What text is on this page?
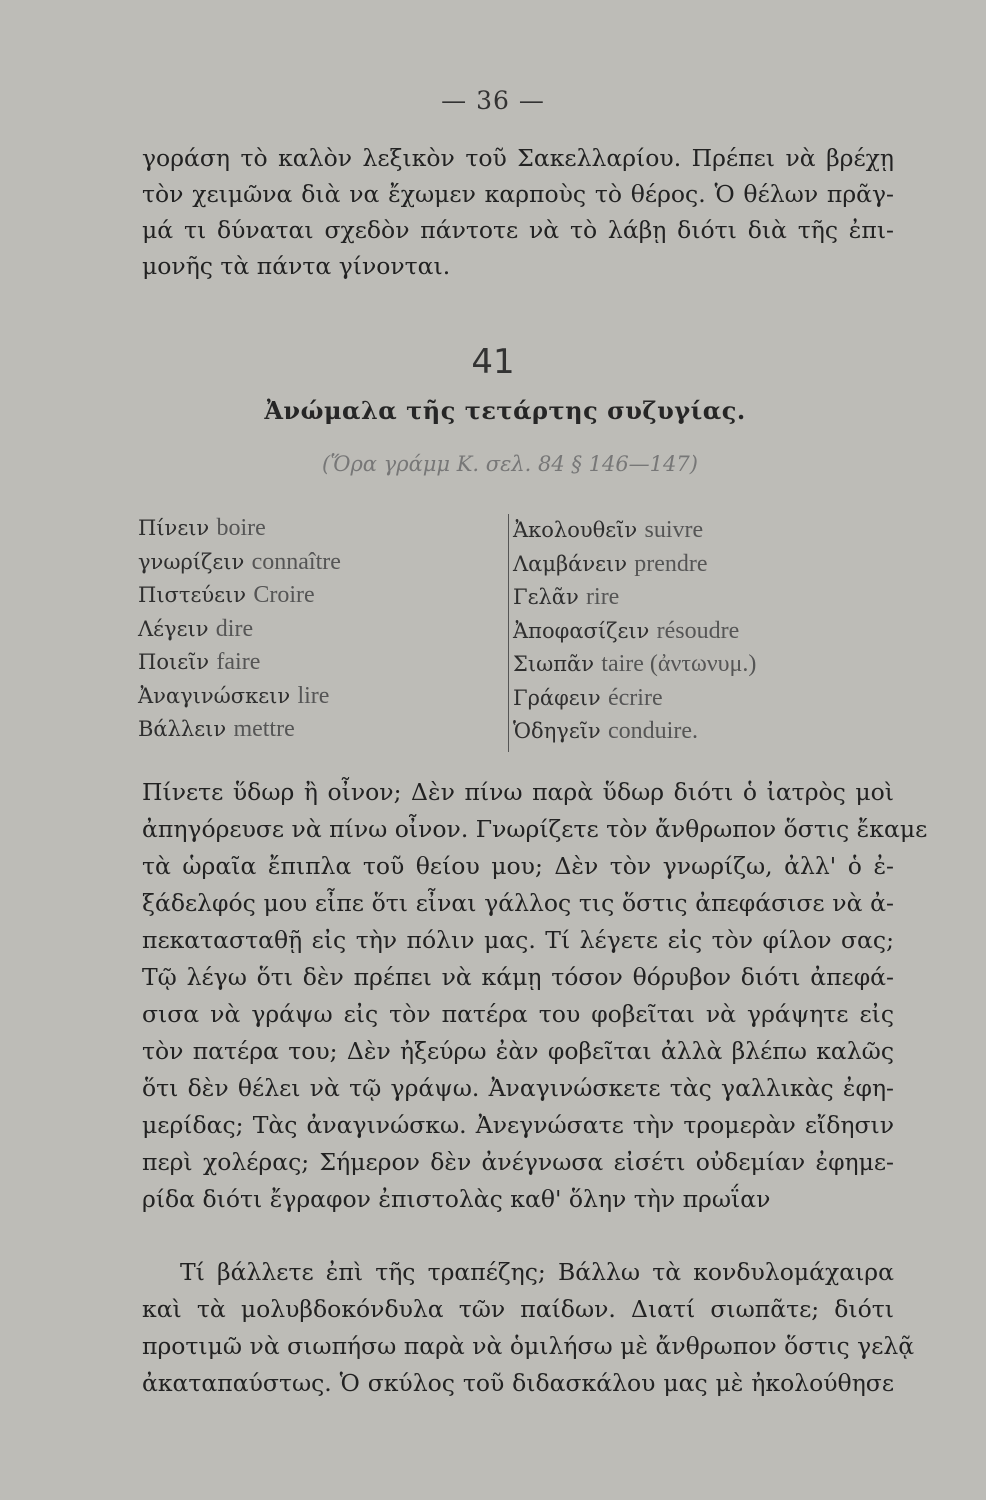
— 36 —
γοράση τὸ καλὸν λεξικὸν τοῦ Σακελλαρίου. Πρέπει νὰ βρέχῃ
τὸν χειμῶνα διὰ να ἔχωμεν καρποὺς τὸ θέρος. Ὁ θέλων πρᾶγ-
μά τι δύναται σχεδὸν πάντοτε νὰ τὸ λάβῃ διότι διὰ τῆς ἐπι-
μονῆς τὰ πάντα γίνονται.
41
Ἀνώμαλα τῆς τετάρτης συζυγίας.
(Ὅρα γράμμ Κ. σελ. 84 § 146—147)
Πίνειν boire
γνωρίζειν connaître
Πιστεύειν Croire
Λέγειν dire
Ποιεῖν faire
Ἀναγινώσκειν lire
Βάλλειν mettre
Ἀκολουθεῖν suivre
Λαμβάνειν prendre
Γελᾶν rire
Ἀποφασίζειν résoudre
Σιωπᾶν taire (ἀντωνυμ.)
Γράφειν écrire
Ὁδηγεῖν conduire.
Πίνετε ὕδωρ ἢ οἶνον; Δὲν πίνω παρὰ ὕδωρ διότι ὁ ἰατρὸς μοὶ
ἀπηγόρευσε νὰ πίνω οἶνον. Γνωρίζετε τὸν ἄνθρωπον ὅστις ἔκαμε
τὰ ὡραῖα ἔπιπλα τοῦ θείου μου; Δὲν τὸν γνωρίζω, ἀλλ' ὁ ἐ-
ξάδελφός μου εἶπε ὅτι εἶναι γάλλος τις ὅστις ἀπεφάσισε νὰ ἀ-
πεκατασταθῇ εἰς τὴν πόλιν μας. Τί λέγετε εἰς τὸν φίλον σας;
Τῷ λέγω ὅτι δὲν πρέπει νὰ κάμῃ τόσον θόρυβον διότι ἀπεφά-
σισα νὰ γράψω εἰς τὸν πατέρα του φοβεῖται νὰ γράψητε εἰς
τὸν πατέρα του; Δὲν ἠξεύρω ἐὰν φοβεῖται ἀλλὰ βλέπω καλῶς
ὅτι δὲν θέλει νὰ τῷ γράψω. Ἀναγινώσκετε τὰς γαλλικὰς ἐφη-
μερίδας; Τὰς ἀναγινώσκω. Ἀνεγνώσατε τὴν τρομερὰν εἴδησιν
περὶ χολέρας; Σήμερον δὲν ἀνέγνωσα εἰσέτι οὐδεμίαν ἐφημε-
ρίδα διότι ἔγραφον ἐπιστολὰς καθ' ὅλην τὴν πρωΐαν
Τί βάλλετε ἐπὶ τῆς τραπέζης; Βάλλω τὰ κονδυλομάχαιρα
καὶ τὰ μολυβδοκόνδυλα τῶν παίδων. Διατί σιωπᾶτε; διότι
προτιμῶ νὰ σιωπήσω παρὰ νὰ ὁμιλήσω μὲ ἄνθρωπον ὅστις γελᾷ
ἀκαταπαύστως. Ὁ σκύλος τοῦ διδασκάλου μας μὲ ἠκολούθησε
